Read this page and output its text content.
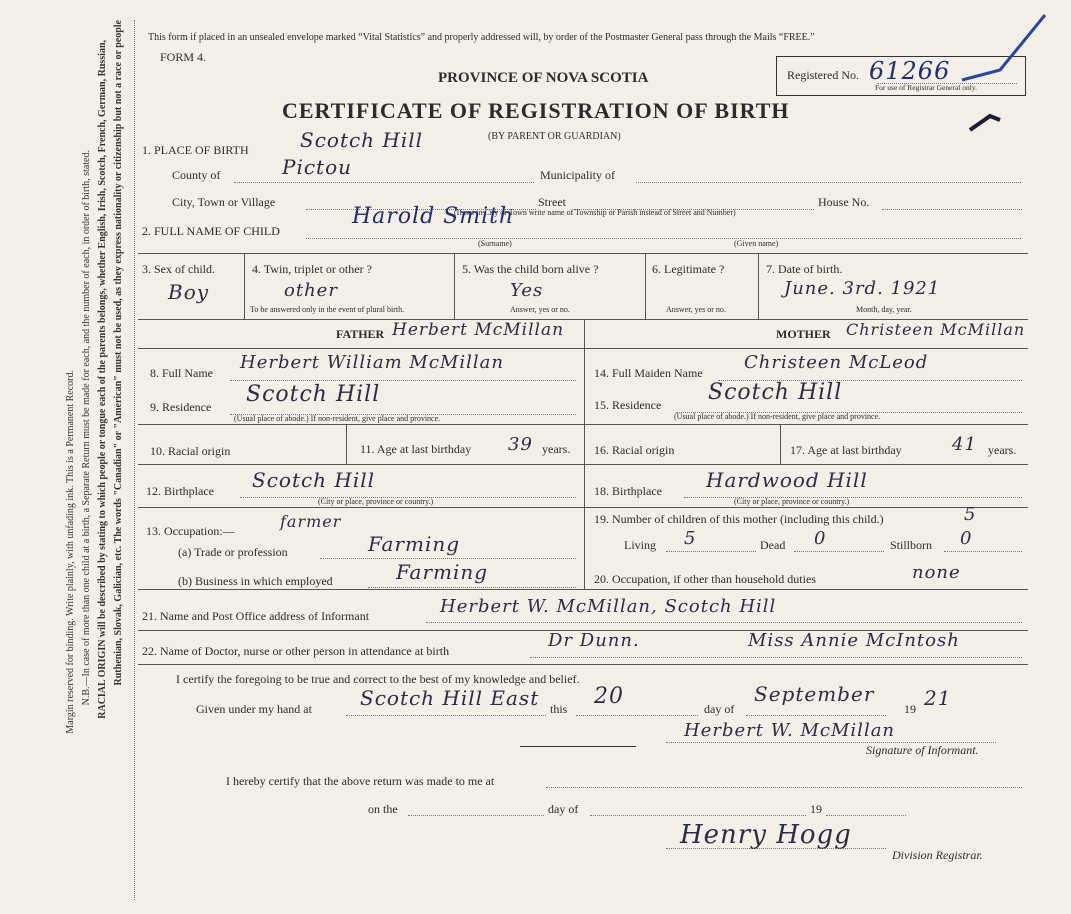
Margin reserved for binding. Write plainly, with unfading ink. This is a Permanent Record. N.B.—In case of more than one child at a birth, a Separate Return must be made for each, and the number of each, in order of birth, stated. RACIAL ORIGIN will be described by stating to which people or tongue each of the parents belongs, whether English, Irish, Scotch, French, German, Russian, Ruthenian, Slovak, Galician, etc. The words "Canadian" or "American" must not be used, as they express nationality or citizenship but not a race or people This form if placed in an unsealed envelope marked “Vital Statistics” and properly addressed will, by order of the Postmaster General pass through the Mails “FREE.”
FORM 4.
PROVINCE OF NOVA SCOTIA
CERTIFICATE OF REGISTRATION OF BIRTH
(BY PARENT OR GUARDIAN)
Registered No. 61266
For use of Registrar General only.
1. PLACE OF BIRTH	Scotch Hill
County of	Pictou	Municipality of
City, Town or Village	Street
(If not in City or Town write name of Township or Parish instead of Street and Number)
House No.
2. FULL NAME OF CHILD
Harold Smith
(Surname)	(Given name)
3. Sex of child.
Boy
4. Twin, triplet or other ?
other
To be answered only in the event of plural birth.
5. Was the child born alive ?
Yes
Answer, yes or no.
6. Legitimate ?
Answer, yes or no.
7. Date of birth.
June. 3rd. 1921
Month, day, year.
FATHER Herbert McMillan	MOTHER Christeen McMillan
8. Full Name Herbert William McMillan
9. Residence Scotch Hill
(Usual place of abode.) If non-resident, give place and province.
10. Racial origin	11. Age at last birthday 39 years.
12. Birthplace Scotch Hill
(City or place, province or country.)
13. Occupation:—	farmer
(a) Trade or profession	Farming
(b) Business in which employed	Farming
14. Full Maiden Name Christeen McLeod
15. Residence Scotch Hill
(Usual place of abode.) If non-resident, give place and province.
16. Racial origin	17. Age at last birthday	41 years.
18. Birthplace Hardwood Hill
(City or place, province or country.)
19. Number of children of this mother (including this child.)	5
Living 5	Dead 0	Stillborn 0
20. Occupation, if other than household duties	none
21. Name and Post Office address of Informant	Herbert W. McMillan, Scotch Hill
22. Name of Doctor, nurse or other person in attendance at birth	Dr Dunn.	Miss Annie McIntosh
I certify the foregoing to be true and correct to the best of my knowledge and belief.
Given under my hand at Scotch Hill East this 20	day of
September
19 21
Herbert W. McMillan
Signature of Informant.
I hereby certify that the above return was made to me at
on the	day of	19
Henry Hogg
Division Registrar.
